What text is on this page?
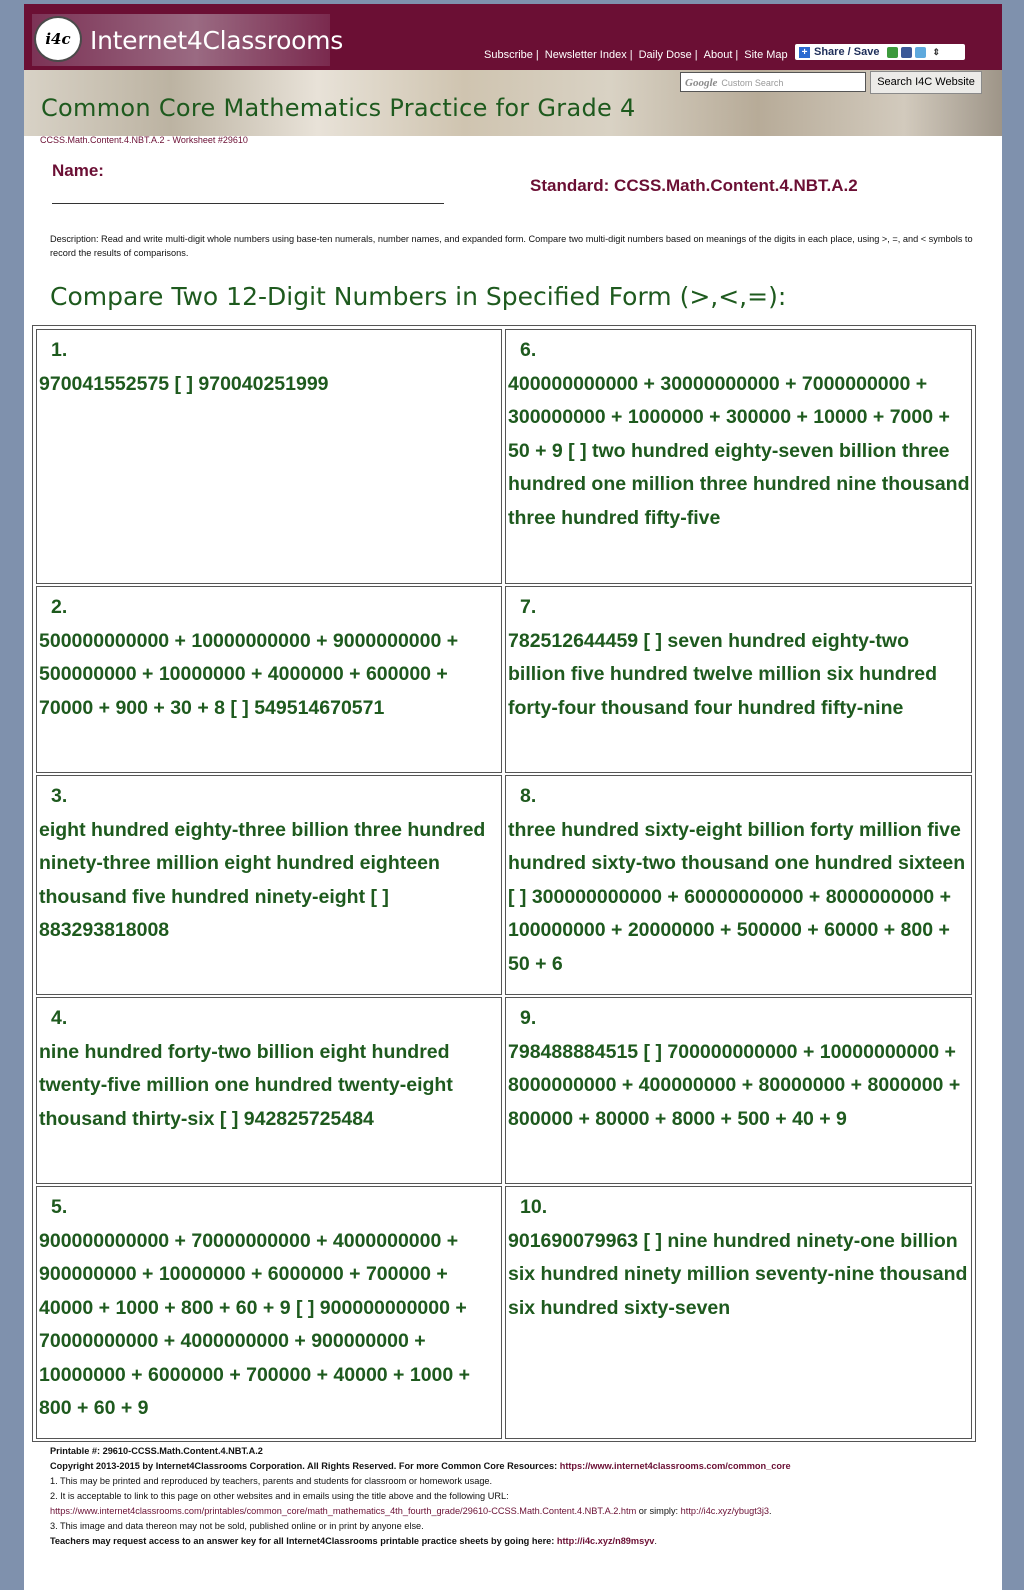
i4c Internet4Classrooms	Subscribe | Newsletter Index | Daily Dose | About | Site Map + Share / Save	⇕
Google Custom Search	Search I4C Website
Common Core Mathematics Practice for Grade 4
CCSS.Math.Content.4.NBT.A.2 - Worksheet #29610
Name:
Standard: CCSS.Math.Content.4.NBT.A.2
Description: Read and write multi-digit whole numbers using base-ten numerals, number names, and expanded form. Compare two multi-digit numbers based on meanings of the digits in each place, using >, =, and < symbols to record the results of comparisons.
Compare Two 12-Digit Numbers in Specified Form (>,<,=):
1.
970041552575 [ ] 970040251999
2.
500000000000 + 10000000000 + 9000000000 + 500000000 + 10000000 + 4000000 + 600000 + 70000 + 900 + 30 + 8 [ ] 549514670571
3.
eight hundred eighty-three billion three hundred ninety-three million eight hundred eighteen thousand five hundred ninety-eight [ ] 883293818008
4.
nine hundred forty-two billion eight hundred twenty-five million one hundred twenty-eight thousand thirty-six [ ] 942825725484
5.
900000000000 + 70000000000 + 4000000000 + 900000000 + 10000000 + 6000000 + 700000 + 40000 + 1000 + 800 + 60 + 9 [ ] 900000000000 + 70000000000 + 4000000000 + 900000000 + 10000000 + 6000000 + 700000 + 40000 + 1000 + 800 + 60 + 9
6.
400000000000 + 30000000000 + 7000000000 + 300000000 + 1000000 + 300000 + 10000 + 7000 + 50 + 9 [ ] two hundred eighty-seven billion three hundred one million three hundred nine thousand three hundred fifty-five
7.
782512644459 [ ] seven hundred eighty-two billion five hundred twelve million six hundred forty-four thousand four hundred fifty-nine
8.
three hundred sixty-eight billion forty million five hundred sixty-two thousand one hundred sixteen [ ] 300000000000 + 60000000000 + 8000000000 + 100000000 + 20000000 + 500000 + 60000 + 800 + 50 + 6
9.
798488884515 [ ] 700000000000 + 10000000000 + 8000000000 + 400000000 + 80000000 + 8000000 + 800000 + 80000 + 8000 + 500 + 40 + 9
10.
901690079963 [ ] nine hundred ninety-one billion six hundred ninety million seventy-nine thousand six hundred sixty-seven
Printable #: 29610-CCSS.Math.Content.4.NBT.A.2
Copyright 2013-2015 by Internet4Classrooms Corporation. All Rights Reserved. For more Common Core Resources: https://www.internet4classrooms.com/common_core
1. This may be printed and reproduced by teachers, parents and students for classroom or homework usage.
2. It is acceptable to link to this page on other websites and in emails using the title above and the following URL:
https://www.internet4classrooms.com/printables/common_core/math_mathematics_4th_fourth_grade/29610-CCSS.Math.Content.4.NBT.A.2.htm or simply: http://i4c.xyz/ybugt3j3.
3. This image and data thereon may not be sold, published online or in print by anyone else.
Teachers may request access to an answer key for all Internet4Classrooms printable practice sheets by going here: http://i4c.xyz/n89msyv.
